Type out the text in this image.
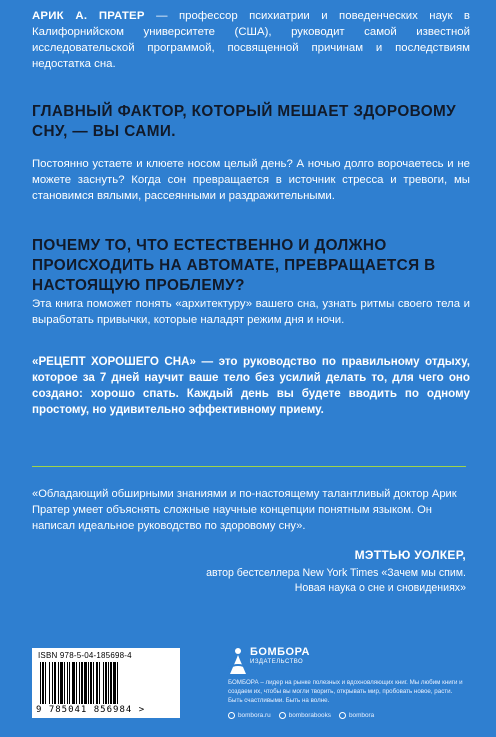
АРИК А. ПРАТЕР — профессор психиатрии и поведенческих наук в Калифорнийском университете (США), руководит самой известной исследовательской программой, посвященной причинам и последствиям недостатка сна.

ГЛАВНЫЙ ФАКТОР, КОТОРЫЙ МЕШАЕТ ЗДОРОВОМУ СНУ, — ВЫ САМИ.

Постоянно устаете и клюете носом целый день? А ночью долго ворочаетесь и не можете заснуть? Когда сон превращается в источник стресса и тревоги, мы становимся вялыми, рассеянными и раздражительными.

ПОЧЕМУ ТО, ЧТО ЕСТЕСТВЕННО И ДОЛЖНО ПРОИСХОДИТЬ НА АВТОМАТЕ, ПРЕВРАЩАЕТСЯ В НАСТОЯЩУЮ ПРОБЛЕМУ?

Эта книга поможет понять «архитектуру» вашего сна, узнать ритмы своего тела и выработать привычки, которые наладят режим дня и ночи.

«РЕЦЕПТ ХОРОШЕГО СНА» — это руководство по правильному отдыху, которое за 7 дней научит ваше тело без усилий делать то, для чего оно создано: хорошо спать. Каждый день вы будете вводить по одному простому, но удивительно эффективному приему.

«Обладающий обширными знаниями и по-настоящему талантливый доктор Арик Пратер умеет объяснять сложные научные концепции понятным языком. Он написал идеальное руководство по здоровому сну».

МЭТТЬЮ УОЛКЕР,
автор бестселлера New York Times «Зачем мы спим.
Новая наука о сне и сновидениях»
ISBN 978-5-04-185698-4
9 785041 856984 >
БОМБОРА
ИЗДАТЕЛЬСТВО
БОМБОРА – лидер на рынке полезных и вдохновляющих книг. Мы любим книги и создаем их, чтобы вы могли творить, открывать мир, пробовать новое, расти. Быть счастливыми. Быть на волне.
bombora.ru	bomborabooks	bombora
